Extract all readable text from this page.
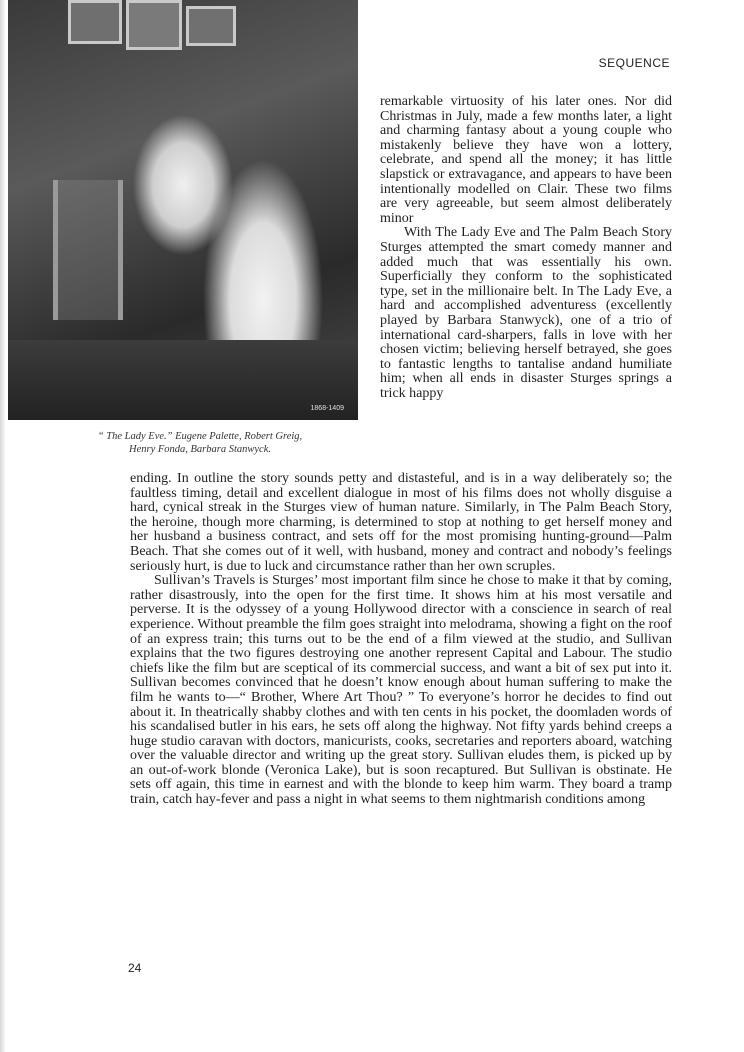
SEQUENCE
1868-1409
“ The Lady Eve.” Eugene Palette, Robert Greig,
Henry Fonda, Barbara Stanwyck.

remarkable virtuosity of his later ones. Nor did Christmas in July, made a few months later, a light and charming fantasy about a young couple who mistakenly believe they have won a lottery, celebrate, and spend all the money; it has little slapstick or extravagance, and appears to have been intentionally modelled on Clair. These two films are very agreeable, but seem almost deliberately minor

With The Lady Eve and The Palm Beach Story Sturges attempted the smart comedy manner and added much that was essentially his own. Superficially they conform to the sophisticated type, set in the millionaire belt. In The Lady Eve, a hard and accomplished adventuress (excellently played by Barbara Stanwyck), one of a trio of international card-sharpers, falls in love with her chosen victim; believing herself betrayed, she goes to fantastic lengths to tantalise andand humiliate him; when all ends in disaster Sturges springs a trick happy

ending. In outline the story sounds petty and distasteful, and is in a way deliberately so; the faultless timing, detail and excellent dialogue in most of his films does not wholly disguise a hard, cynical streak in the Sturges view of human nature. Similarly, in The Palm Beach Story, the heroine, though more charming, is determined to stop at nothing to get herself money and her husband a business contract, and sets off for the most promising hunting-ground—Palm Beach. That she comes out of it well, with husband, money and contract and nobody’s feelings seriously hurt, is due to luck and circumstance rather than her own scruples.

Sullivan’s Travels is Sturges’ most important film since he chose to make it that by coming, rather disastrously, into the open for the first time. It shows him at his most versatile and perverse. It is the odyssey of a young Hollywood director with a conscience in search of real experience. Without preamble the film goes straight into melodrama, showing a fight on the roof of an express train; this turns out to be the end of a film viewed at the studio, and Sullivan explains that the two figures destroying one another represent Capital and Labour. The studio chiefs like the film but are sceptical of its commercial success, and want a bit of sex put into it. Sullivan becomes convinced that he doesn’t know enough about human suffering to make the film he wants to—“ Brother, Where Art Thou? ” To everyone’s horror he decides to find out about it. In theatrically shabby clothes and with ten cents in his pocket, the doomladen words of his scandalised butler in his ears, he sets off along the highway. Not fifty yards behind creeps a huge studio caravan with doctors, manicurists, cooks, secretaries and reporters aboard, watching over the valuable director and writing up the great story. Sullivan eludes them, is picked up by an out-of-work blonde (Veronica Lake), but is soon recaptured. But Sullivan is obstinate. He sets off again, this time in earnest and with the blonde to keep him warm. They board a tramp train, catch hay-fever and pass a night in what seems to them nightmarish conditions among

24
